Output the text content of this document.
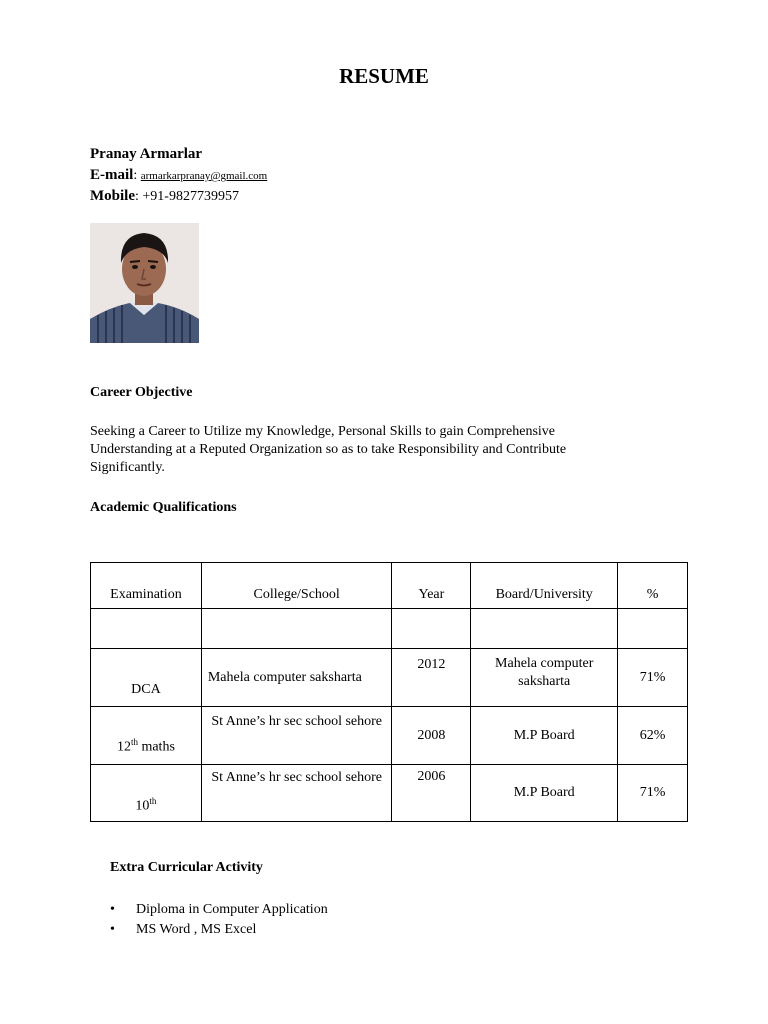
RESUME
Pranay Armarlar
E-mail: armarkarpranay@gmail.com
Mobile: +91-9827739957
Career Objective
Seeking a Career to Utilize my Knowledge, Personal Skills to gain Comprehensive Understanding at a Reputed Organization so as to take Responsibility and Contribute Significantly.
Academic Qualifications
Examination	College/School	Year	Board/University	%

DCA	Mahela computer saksharta	2012	Mahela computer saksharta	71%
12th maths	St Anne’s hr sec school sehore	2008	M.P Board	62%
10th	St Anne’s hr sec school sehore	2006	M.P Board	71%
Extra Curricular Activity
• Diploma in Computer Application
• MS Word , MS Excel
